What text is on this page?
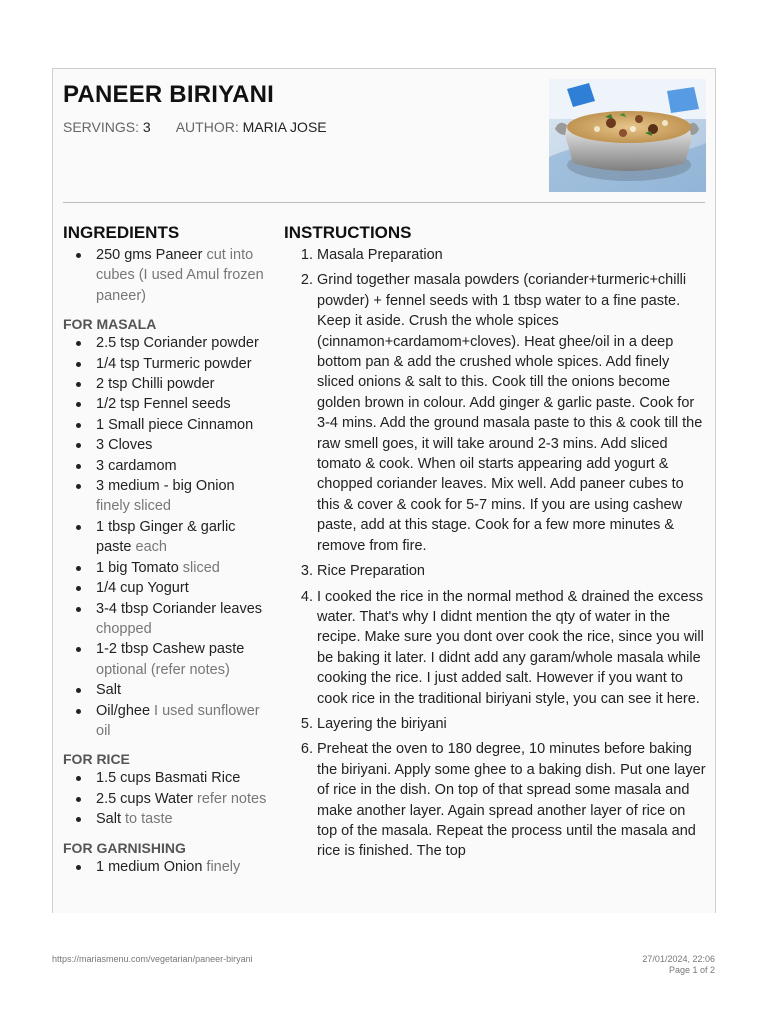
PANEER BIRIYANI
SERVINGS: 3 AUTHOR: MARIA JOSE
INGREDIENTS
250 gms Paneer cut into cubes (I used Amul frozen paneer)
FOR MASALA
2.5 tsp Coriander powder
1/4 tsp Turmeric powder
2 tsp Chilli powder
1/2 tsp Fennel seeds
1 Small piece Cinnamon
3 Cloves
3 cardamom
3 medium - big Onion finely sliced
1 tbsp Ginger & garlic paste each
1 big Tomato sliced
1/4 cup Yogurt
3-4 tbsp Coriander leaves chopped
1-2 tbsp Cashew paste optional (refer notes)
Salt
Oil/ghee I used sunflower oil
FOR RICE
1.5 cups Basmati Rice
2.5 cups Water refer notes
Salt to taste
FOR GARNISHING
1 medium Onion finely
INSTRUCTIONS
1. Masala Preparation
2. Grind together masala powders (coriander+turmeric+chilli powder) + fennel seeds with 1 tbsp water to a fine paste. Keep it aside. Crush the whole spices (cinnamon+cardamom+cloves). Heat ghee/oil in a deep bottom pan & add the crushed whole spices. Add finely sliced onions & salt to this. Cook till the onions become golden brown in colour. Add ginger & garlic paste. Cook for 3-4 mins. Add the ground masala paste to this & cook till the raw smell goes, it will take around 2-3 mins. Add sliced tomato & cook. When oil starts appearing add yogurt & chopped coriander leaves. Mix well. Add paneer cubes to this & cover & cook for 5-7 mins. If you are using cashew paste, add at this stage. Cook for a few more minutes & remove from fire.
3. Rice Preparation
4. I cooked the rice in the normal method & drained the excess water. That's why I didnt mention the qty of water in the recipe. Make sure you dont over cook the rice, since you will be baking it later. I didnt add any garam/whole masala while cooking the rice. I just added salt. However if you want to cook rice in the traditional biriyani style, you can see it here.
5. Layering the biriyani
6. Preheat the oven to 180 degree, 10 minutes before baking the biriyani. Apply some ghee to a baking dish. Put one layer of rice in the dish. On top of that spread some masala and make another layer. Again spread another layer of rice on top of the masala. Repeat the process until the masala and rice is finished. The top
https://mariasmenu.com/vegetarian/paneer-biryani	27/01/2024, 22:06
Page 1 of 2
